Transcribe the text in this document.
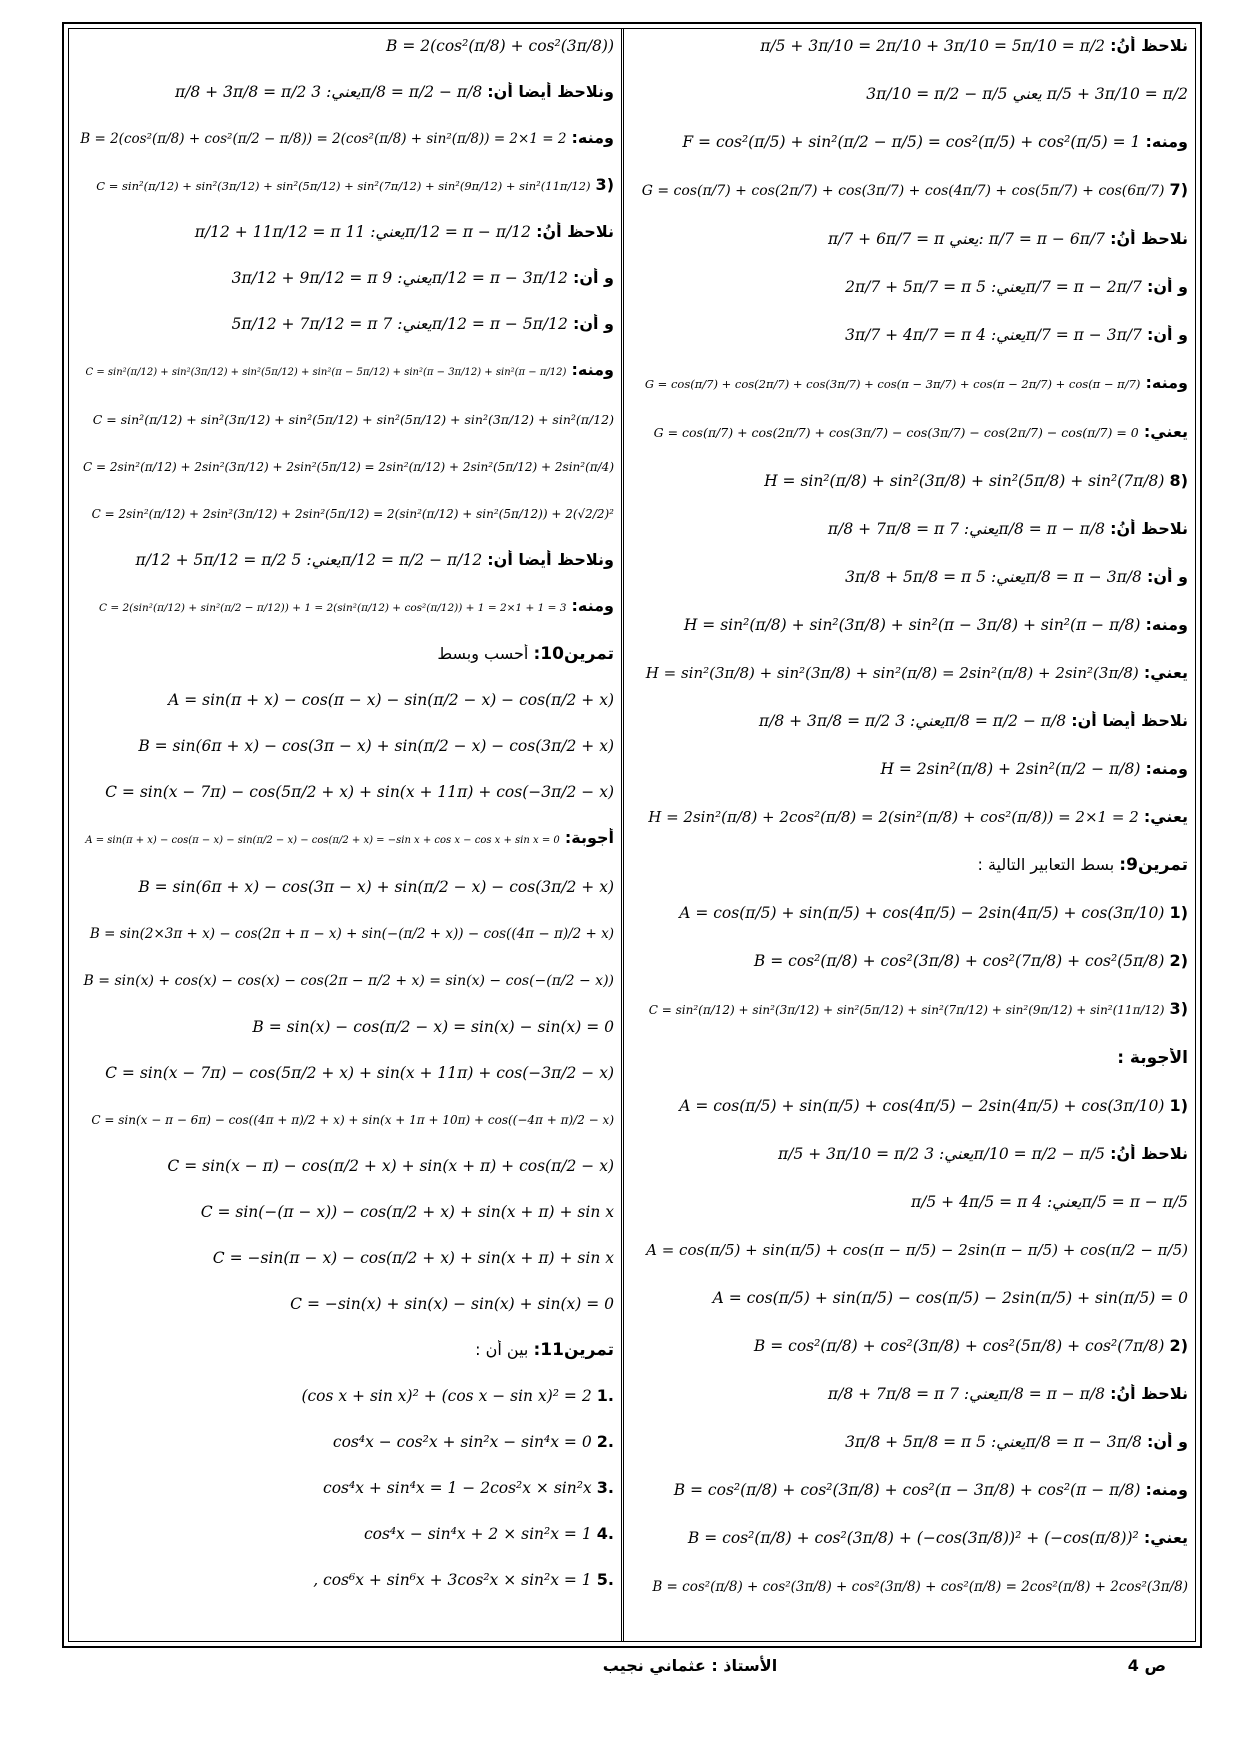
نلاحظ أنُ: π/5 + 3π/10 = 2π/10 + 3π/10 = 5π/10 = π/2
3π/10 = π/2 − π/5 يعني π/5 + 3π/10 = π/2
ومنه: F = cos²(π/5) + sin²(π/2 − π/5) = cos²(π/5) + cos²(π/5) = 1
(7 G = cos(π/7) + cos(2π/7) + cos(3π/7) + cos(4π/7) + cos(5π/7) + cos(6π/7)
نلاحظ أنُ: π/7 + 6π/7 = π يعني: π/7 = π − 6π/7
و أن: 2π/7 + 5π/7 = π يعني: 5π/7 = π − 2π/7
و أن: 3π/7 + 4π/7 = π يعني: 4π/7 = π − 3π/7
ومنه: G = cos(π/7) + cos(2π/7) + cos(3π/7) + cos(π − 3π/7) + cos(π − 2π/7) + cos(π − π/7)
يعني: G = cos(π/7) + cos(2π/7) + cos(3π/7) − cos(3π/7) − cos(2π/7) − cos(π/7) = 0
(8 H = sin²(π/8) + sin²(3π/8) + sin²(5π/8) + sin²(7π/8)
نلاحظ أنُ: π/8 + 7π/8 = π يعني: 7π/8 = π − π/8
و أن: 3π/8 + 5π/8 = π يعني: 5π/8 = π − 3π/8
ومنه: H = sin²(π/8) + sin²(3π/8) + sin²(π − 3π/8) + sin²(π − π/8)
يعني: H = sin²(3π/8) + sin²(3π/8) + sin²(π/8) = 2sin²(π/8) + 2sin²(3π/8)
نلاحظ أيضا أن: π/8 + 3π/8 = π/2 يعني: 3π/8 = π/2 − π/8
ومنه: H = 2sin²(π/8) + 2sin²(π/2 − π/8)
يعني: H = 2sin²(π/8) + 2cos²(π/8) = 2(sin²(π/8) + cos²(π/8)) = 2×1 = 2
تمرين9: بسط التعابير التالية :
(1 A = cos(π/5) + sin(π/5) + cos(4π/5) − 2sin(4π/5) + cos(3π/10)
(2 B = cos²(π/8) + cos²(3π/8) + cos²(7π/8) + cos²(5π/8)
(3 C = sin²(π/12) + sin²(3π/12) + sin²(5π/12) + sin²(7π/12) + sin²(9π/12) + sin²(11π/12)
الأجوبة :
(1 A = cos(π/5) + sin(π/5) + cos(4π/5) − 2sin(4π/5) + cos(3π/10)
نلاحظ أنُ: π/5 + 3π/10 = π/2 يعني: 3π/10 = π/2 − π/5
π/5 + 4π/5 = π يعني: 4π/5 = π − π/5
A = cos(π/5) + sin(π/5) + cos(π − π/5) − 2sin(π − π/5) + cos(π/2 − π/5)
A = cos(π/5) + sin(π/5) − cos(π/5) − 2sin(π/5) + sin(π/5) = 0
(2 B = cos²(π/8) + cos²(3π/8) + cos²(5π/8) + cos²(7π/8)
نلاحظ أنُ: π/8 + 7π/8 = π يعني: 7π/8 = π − π/8
و أن: 3π/8 + 5π/8 = π يعني: 5π/8 = π − 3π/8
ومنه: B = cos²(π/8) + cos²(3π/8) + cos²(π − 3π/8) + cos²(π − π/8)
يعني: B = cos²(π/8) + cos²(3π/8) + (−cos(3π/8))² + (−cos(π/8))²
B = cos²(π/8) + cos²(3π/8) + cos²(3π/8) + cos²(π/8) = 2cos²(π/8) + 2cos²(3π/8)
B = 2(cos²(π/8) + cos²(3π/8))
ونلاحظ أيضا أن: π/8 + 3π/8 = π/2 يعني: 3π/8 = π/2 − π/8
ومنه: B = 2(cos²(π/8) + cos²(π/2 − π/8)) = 2(cos²(π/8) + sin²(π/8)) = 2×1 = 2
(3 C = sin²(π/12) + sin²(3π/12) + sin²(5π/12) + sin²(7π/12) + sin²(9π/12) + sin²(11π/12)
نلاحظ أنُ: π/12 + 11π/12 = π يعني: 11π/12 = π − π/12
و أن: 3π/12 + 9π/12 = π يعني: 9π/12 = π − 3π/12
و أن: 5π/12 + 7π/12 = π يعني: 7π/12 = π − 5π/12
ومنه: C = sin²(π/12) + sin²(3π/12) + sin²(5π/12) + sin²(π − 5π/12) + sin²(π − 3π/12) + sin²(π − π/12)
C = sin²(π/12) + sin²(3π/12) + sin²(5π/12) + sin²(5π/12) + sin²(3π/12) + sin²(π/12)
C = 2sin²(π/12) + 2sin²(3π/12) + 2sin²(5π/12) = 2sin²(π/12) + 2sin²(5π/12) + 2sin²(π/4)
C = 2sin²(π/12) + 2sin²(3π/12) + 2sin²(5π/12) = 2(sin²(π/12) + sin²(5π/12)) + 2(√2/2)²
ونلاحظ أيضا أن: π/12 + 5π/12 = π/2 يعني: 5π/12 = π/2 − π/12
ومنه: C = 2(sin²(π/12) + sin²(π/2 − π/12)) + 1 = 2(sin²(π/12) + cos²(π/12)) + 1 = 2×1 + 1 = 3
تمرين10: أحسب وبسط
A = sin(π + x) − cos(π − x) − sin(π/2 − x) − cos(π/2 + x)
B = sin(6π + x) − cos(3π − x) + sin(π/2 − x) − cos(3π/2 + x)
C = sin(x − 7π) − cos(5π/2 + x) + sin(x + 11π) + cos(−3π/2 − x)
أجوبة: A = sin(π + x) − cos(π − x) − sin(π/2 − x) − cos(π/2 + x) = −sin x + cos x − cos x + sin x = 0
B = sin(6π + x) − cos(3π − x) + sin(π/2 − x) − cos(3π/2 + x)
B = sin(2×3π + x) − cos(2π + π − x) + sin(−(π/2 + x)) − cos((4π − π)/2 + x)
B = sin(x) + cos(x) − cos(x) − cos(2π − π/2 + x) = sin(x) − cos(−(π/2 − x))
B = sin(x) − cos(π/2 − x) = sin(x) − sin(x) = 0
C = sin(x − 7π) − cos(5π/2 + x) + sin(x + 11π) + cos(−3π/2 − x)
C = sin(x − π − 6π) − cos((4π + π)/2 + x) + sin(x + 1π + 10π) + cos((−4π + π)/2 − x)
C = sin(x − π) − cos(π/2 + x) + sin(x + π) + cos(π/2 − x)
C = sin(−(π − x)) − cos(π/2 + x) + sin(x + π) + sin x
C = −sin(π − x) − cos(π/2 + x) + sin(x + π) + sin x
C = −sin(x) + sin(x) − sin(x) + sin(x) = 0
تمرين11: بين أن :
.1 (cos x + sin x)² + (cos x − sin x)² = 2
.2 cos⁴x − cos²x + sin²x − sin⁴x = 0
.3 cos⁴x + sin⁴x = 1 − 2cos²x × sin²x
.4 cos⁴x − sin⁴x + 2 × sin²x = 1
.5 , cos⁶x + sin⁶x + 3cos²x × sin²x = 1
ص 4
الأستاذ : عثماني نجيب
